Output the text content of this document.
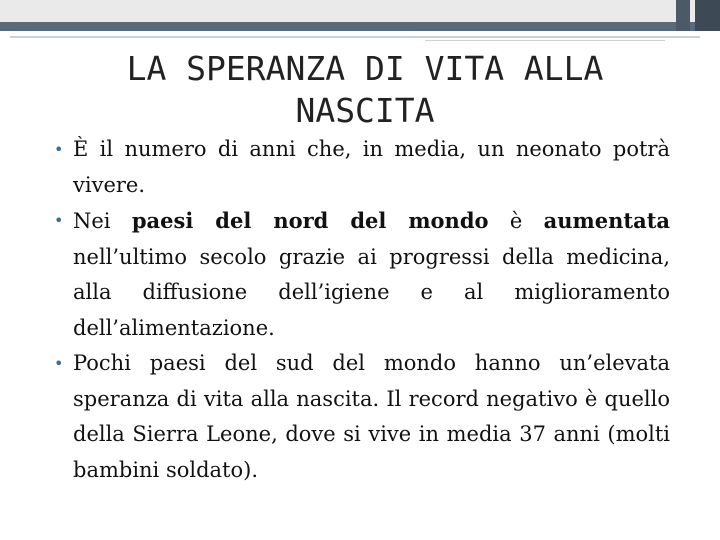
LA SPERANZA DI VITA ALLA NASCITA
• È il numero di anni che, in media, un neonato potrà vivere.
• Nei paesi del nord del mondo è aumentata nell’ultimo secolo grazie ai progressi della medicina, alla diffusione dell’igiene e al miglioramento dell’alimentazione.
• Pochi paesi del sud del mondo hanno un’elevata speranza di vita alla nascita. Il record negativo è quello della Sierra Leone, dove si vive in media 37 anni (molti bambini soldato).
